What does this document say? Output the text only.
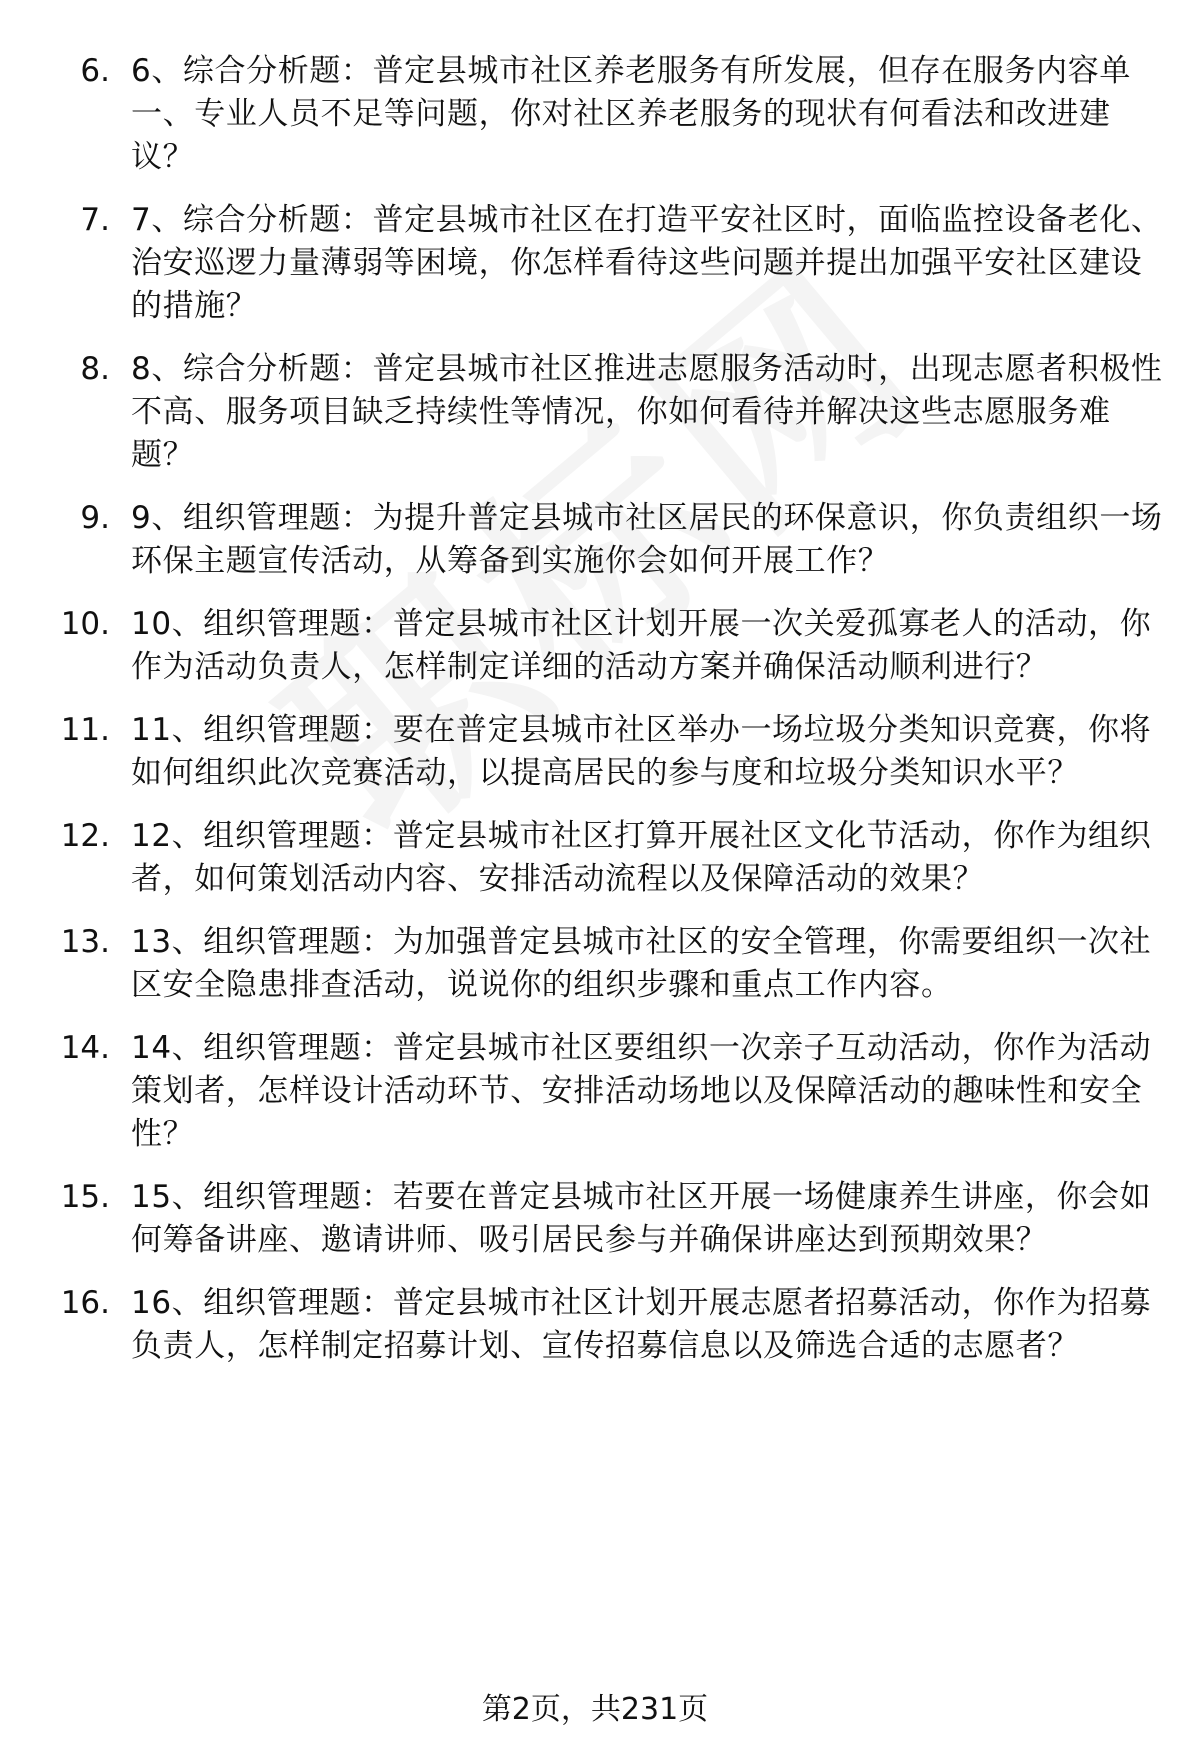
6. 6、综合分析题：普定县城市社区养老服务有所发展，但存在服务内容单一、专业人员不足等问题，你对社区养老服务的现状有何看法和改进建议？
7. 7、综合分析题：普定县城市社区在打造平安社区时，面临监控设备老化、治安巡逻力量薄弱等困境，你怎样看待这些问题并提出加强平安社区建设的措施？
8. 8、综合分析题：普定县城市社区推进志愿服务活动时，出现志愿者积极性不高、服务项目缺乏持续性等情况，你如何看待并解决这些志愿服务难题？
9. 9、组织管理题：为提升普定县城市社区居民的环保意识，你负责组织一场环保主题宣传活动，从筹备到实施你会如何开展工作？
10. 10、组织管理题：普定县城市社区计划开展一次关爱孤寡老人的活动，你作为活动负责人，怎样制定详细的活动方案并确保活动顺利进行？
11. 11、组织管理题：要在普定县城市社区举办一场垃圾分类知识竞赛，你将如何组织此次竞赛活动，以提高居民的参与度和垃圾分类知识水平？
12. 12、组织管理题：普定县城市社区打算开展社区文化节活动，你作为组织者，如何策划活动内容、安排活动流程以及保障活动的效果？
13. 13、组织管理题：为加强普定县城市社区的安全管理，你需要组织一次社区安全隐患排查活动，说说你的组织步骤和重点工作内容。
14. 14、组织管理题：普定县城市社区要组织一次亲子互动活动，你作为活动策划者，怎样设计活动环节、安排活动场地以及保障活动的趣味性和安全性？
15. 15、组织管理题：若要在普定县城市社区开展一场健康养生讲座，你会如何筹备讲座、邀请讲师、吸引居民参与并确保讲座达到预期效果？
16. 16、组织管理题：普定县城市社区计划开展志愿者招募活动，你作为招募负责人，怎样制定招募计划、宣传招募信息以及筛选合适的志愿者？
第2页，共231页
